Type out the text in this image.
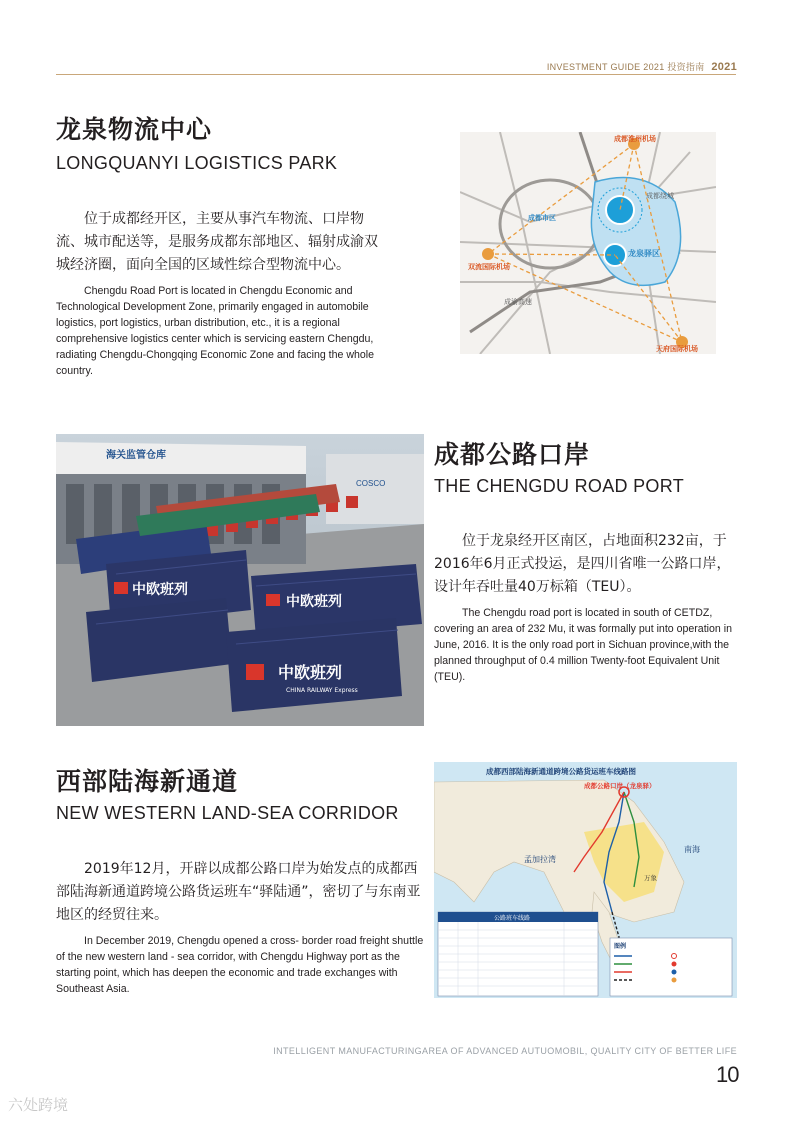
INVESTMENT GUIDE 2021 投资指南 2021
龙泉物流中心
LONGQUANYI LOGISTICS PARK

位于成都经开区，主要从事汽车物流、口岸物流、城市配送等，是服务成都东部地区、辐射成渝双城经济圈，面向全国的区域性综合型物流中心。

Chengdu Road Port is located in Chengdu Economic and Technological Development Zone, primarily engaged in automobile logistics, port logistics, urban distribution, etc., it is a regional comprehensive logistics center which is servicing eastern Chengdu, radiating Chengdu-Chongqing Economic Zone and facing the whole country.

成都淮州机场
成都市区
龙泉驿区
双流国际机场
天府国际机场
成都绕城
成渝高速
海关监管仓库
COSCO
中欧班列
中欧班列
中欧班列
CHINA RAILWAY Express
成都公路口岸
THE CHENGDU ROAD PORT

位于龙泉经开区南区，占地面积232亩，于2016年6月正式投运，是四川省唯一公路口岸，设计年吞吐量40万标箱（TEU）。

The Chengdu road port is located in south of CETDZ, covering an area of 232 Mu, it was formally put into operation in June, 2016. It is the only road port in Sichuan province,with the planned throughput of 0.4 million Twenty-foot Equivalent Unit (TEU).

西部陆海新通道
NEW WESTERN LAND-SEA CORRIDOR

2019年12月，开辟以成都公路口岸为始发点的成都西部陆海新通道跨境公路货运班车“驿陆通”，密切了与东南亚地区的经贸往来。

In December 2019, Chengdu opened a cross- border road freight shuttle of the new western land - sea corridor, with Chengdu Highway port as the starting point, which has deepen the economic and trade exchanges with Southeast Asia.

成都西部陆海新通道跨境公路货运班车线路图
成都公路口岸（龙泉驿）
南海
孟加拉湾
万象
公路班车线路
图例
INTELLIGENT MANUFACTURINGAREA OF ADVANCED AUTUOMOBIL, QUALITY CITY OF BETTER LIFE
10
六处跨境
